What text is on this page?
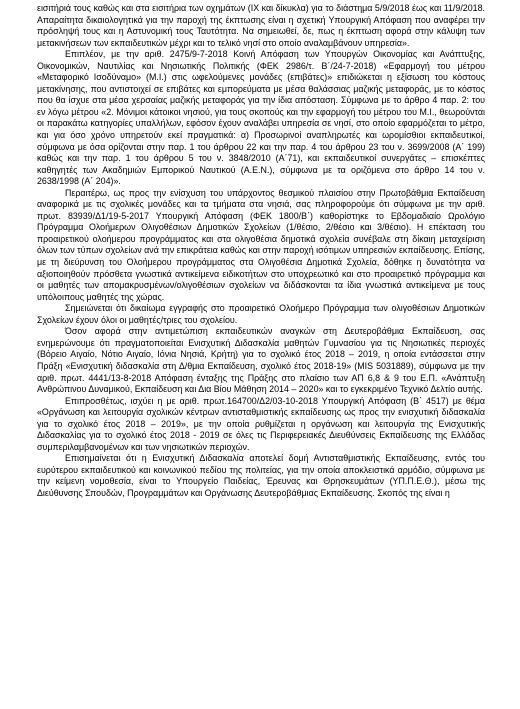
εισιτήριά τους καθώς και στα εισιτήρια των οχημάτων (ΙΧ και δίκυκλα) για το διάστημα 5/9/2018 έως και 11/9/2018. Απαραίτητα δικαιολογητικά για την παροχή της έκπτωσης είναι η σχετική Υπουργική Απόφαση που αναφέρει την πρόσληψή τους και η Αστυνομική τους Ταυτότητα. Να σημειωθεί, δε, πως η έκπτωση αφορά στην κάλυψη των μετακινήσεων των εκπαιδευτικών μέχρι και το τελικό νησί στο οποίο αναλαμβάνουν υπηρεσία».

Επιπλέον, με την αριθ. 2475/9-7-2018 Κοινή Απόφαση των Υπουργών Οικονομίας και Ανάπτυξης, Οικονομικών, Ναυτιλίας και Νησιωτικής Πολιτικής (ΦΕΚ 2986/τ. Β΄/24-7-2018) «Εφαρμογή του μέτρου «Μεταφορικό Ισοδύναμο» (Μ.Ι.) στις ωφελούμενες μονάδες (επιβάτες)» επιδιώκεται η εξίσωση του κόστους μετακίνησης, που αντιστοιχεί σε επιβάτες και εμπορεύματα με μέσα θαλάσσιας μαζικής μεταφοράς, με το κόστος που θα ίσχυε στα μέσα χερσαίας μαζικής μεταφοράς για την ίδια απόσταση. Σύμφωνα με το άρθρο 4 παρ. 2: του εν λόγω μέτρου «2. Μόνιμοι κάτοικοι νησιού, για τους σκοπούς και την εφαρμογή του μέτρου του Μ.Ι., θεωρούνται οι παρακάτω κατηγορίες υπαλλήλων, εφόσον έχουν αναλάβει υπηρεσία σε νησί, στο οποίο εφαρμόζεται το μέτρο, και για όσο χρόνο υπηρετούν εκεί πραγματικά: α) Προσωρινοί αναπληρωτές και ωρομίσθιοι εκπαιδευτικοί, σύμφωνα με όσα ορίζονται στην παρ. 1 του άρθρου 22 και την παρ. 4 του άρθρου 23 του ν. 3699/2008 (Α΄ 199) καθώς και την παρ. 1 του άρθρου 5 του ν. 3848/2010 (Α΄71), και εκπαιδευτικοί συνεργάτες – επισκέπτες καθηγητές των Ακαδημιών Εμπορικού Ναυτικού (Α.Ε.Ν.), σύμφωνα με τα οριζόμενα στο άρθρο 14 του ν. 2638/1998 (Α΄ 204)».

Περαιτέρω, ως προς την ενίσχυση του υπάρχοντος θεσμικού πλαισίου στην Πρωτοβάθμια Εκπαίδευση αναφορικά με τις σχολικές μονάδες και τα τμήματα στα νησιά, σας πληροφορούμε ότι σύμφωνα με την αριθ. πρωτ. 83939/Δ1/19-5-2017 Υπουργική Απόφαση (ΦΕΚ 1800/Β΄) καθορίστηκε το Εβδομαδιαίο Ωρολόγιο Πρόγραμμα Ολοήμερων Ολιγοθέσιων Δημοτικών Σχολείων (1/θέσιο, 2/θέσιο και 3/θέσιο). Η επέκταση του προαιρετικού ολοήμερου προγράμματος και στα ολιγοθέσια δημοτικά σχολεία συνέβαλε στη δίκαιη μεταχείριση όλων των τύπων σχολείων ανά την επικράτεια καθώς και στην παροχή ισότιμων υπηρεσιών εκπαίδευσης. Επίσης, με τη διεύρυνση του Ολοήμερου προγράμματος στα Ολιγοθέσια Δημοτικά Σχολεία, δόθηκε η δυνατότητα να αξιοποιηθούν πρόσθετα γνωστικά αντικείμενα ειδικοτήτων στο υποχρεωτικό και στο προαιρετικό πρόγραμμα και οι μαθητές των απομακρυσμένων/ολιγοθέσιων σχολείων να διδάσκονται τα ίδια γνωστικά αντικείμενα με τους υπόλοιπους μαθητές της χώρας.

Σημειώνεται ότι δικαίωμα εγγραφής στο προαιρετικό Ολοήμερο Πρόγραμμα των ολιγοθέσιων Δημοτικών Σχολείων έχουν όλοι οι μαθητές/τριες του σχολείου.

Όσον αφορά στην αντιμετώπιση εκπαιδευτικών αναγκών στη Δευτεροβάθμια Εκπαίδευση, σας ενημερώνουμε ότι πραγματοποιείται Ενισχυτική Διδασκαλία μαθητών Γυμνασίου για τις Νησιωτικές περιοχές (Βόρειο Αιγαίο, Νότιο Αιγαίο, Ιόνια Νησιά, Κρήτη) για το σχολικό έτος 2018 – 2019, η οποία εντάσσεται στην Πράξη «Ενισχυτική διδασκαλία στη Δ/θμια Εκπαίδευση, σχολικό έτος 2018-19» (MIS 5031889), σύμφωνα με την αριθ. πρωτ. 4441/13-8-2018 Απόφαση ένταξης της Πράξης στο πλαίσιο των ΑΠ 6,8 & 9 του Ε.Π. «Ανάπτυξη Ανθρώπινου Δυναμικού, Εκπαίδευση και Δια Βίου Μάθηση 2014 – 2020» και το εγκεκριμένο Τεχνικό Δελτίο αυτής.

Επιπροσθέτως, ισχύει η με αριθ. πρωτ.164700/Δ2/03-10-2018 Υπουργική Απόφαση (Β΄ 4517) με θέμα «Οργάνωση και λειτουργία σχολικών κέντρων αντισταθμιστικής εκπαίδευσης ως προς την ενισχυτική διδασκαλία για το σχολικό έτος 2018 – 2019», με την οποία ρυθμίζεται η οργάνωση και λειτουργία της Ενισχυτικής Διδασκαλίας για το σχολικό έτος 2018 - 2019 σε όλες τις Περιφερειακές Διευθύνσεις Εκπαίδευσης της Ελλάδας συμπεριλαμβανομένων και των νησιωτικών περιοχών.

Επισημαίνεται ότι η Ενισχυτική Διδασκαλία αποτελεί δομή Αντισταθμιστικής Εκπαίδευσης, εντός του ευρύτερου εκπαιδευτικού και κοινωνικού πεδίου της πολιτείας, για την οποία αποκλειστικά αρμόδιο, σύμφωνα με την κείμενη νομοθεσία, είναι το Υπουργείο Παιδείας, Έρευνας και Θρησκευμάτων (ΥΠ.Π.Ε.Θ.), μέσω της Διεύθυνσης Σπουδών, Προγραμμάτων και Οργάνωσης Δευτεροβάθμιας Εκπαίδευσης. Σκοπός της είναι η
